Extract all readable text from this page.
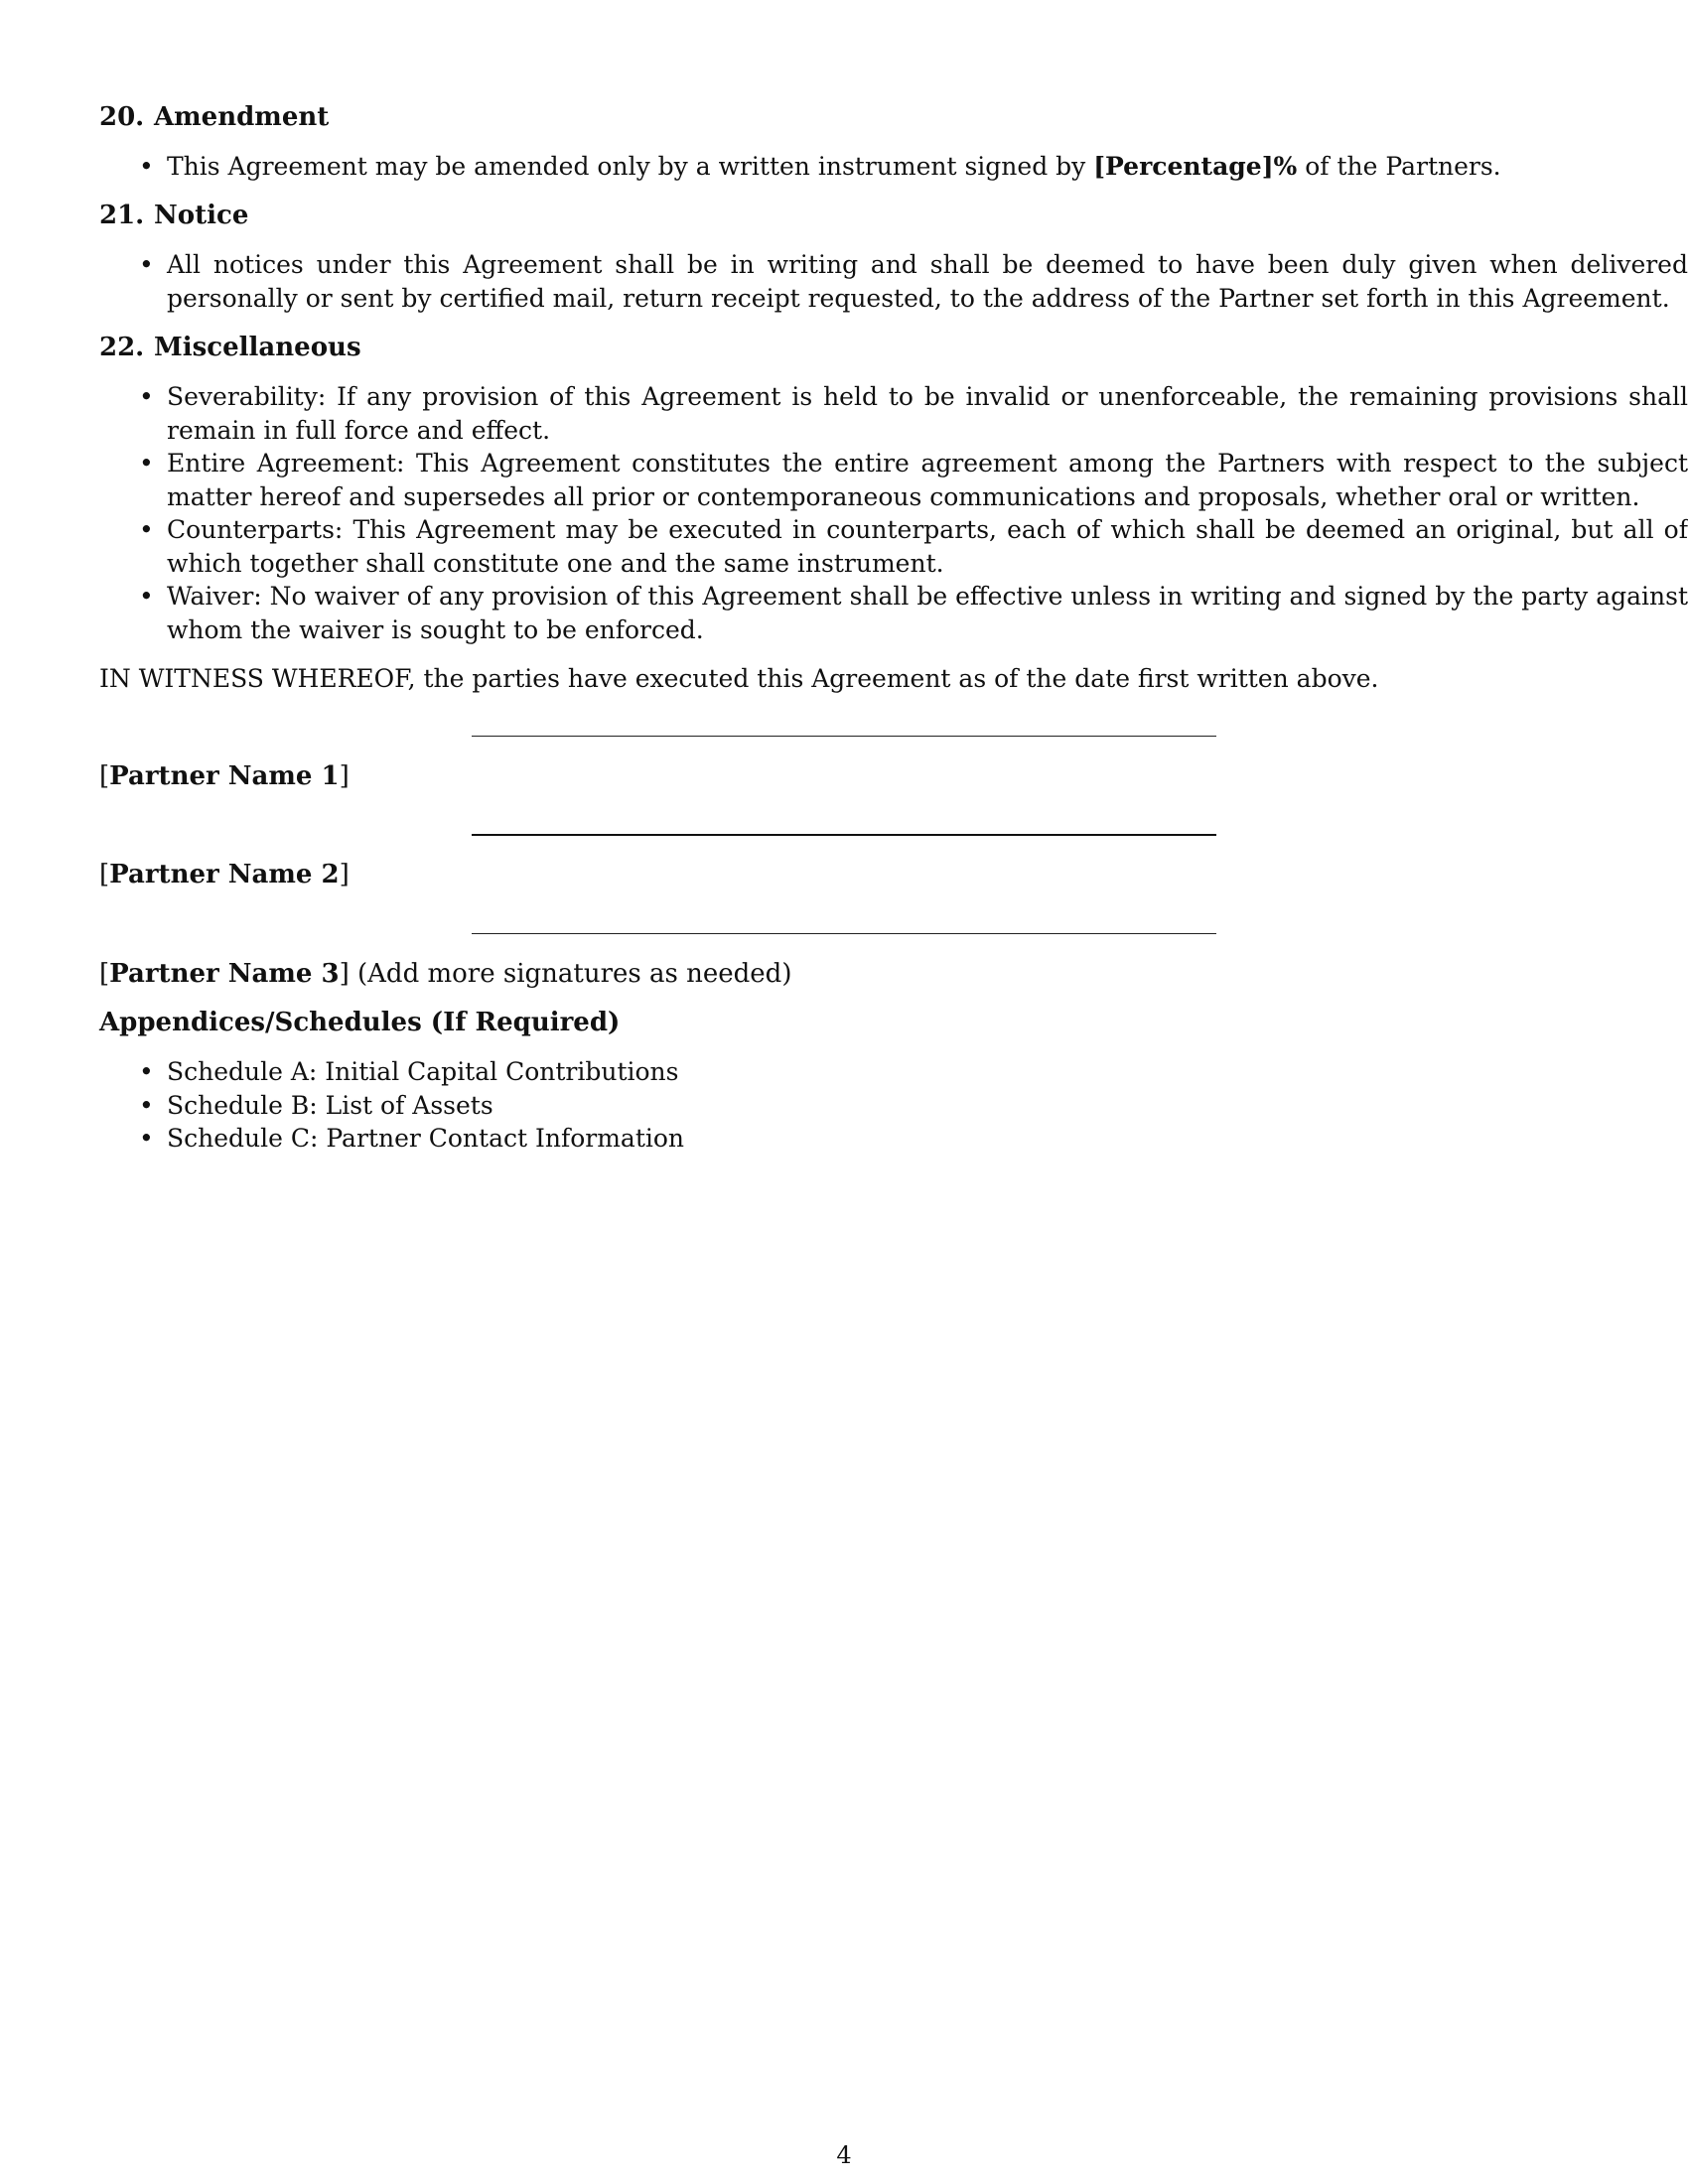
20. Amendment
• This Agreement may be amended only by a written instrument signed by [Percentage]% of the Partners.
21. Notice
• All notices under this Agreement shall be in writing and shall be deemed to have been duly given when delivered personally or sent by certified mail, return receipt requested, to the address of the Partner set forth in this Agreement.
22. Miscellaneous
• Severability: If any provision of this Agreement is held to be invalid or unenforceable, the remaining provisions shall remain in full force and effect.
• Entire Agreement: This Agreement constitutes the entire agreement among the Partners with respect to the subject matter hereof and supersedes all prior or contemporaneous communications and proposals, whether oral or written.
• Counterparts: This Agreement may be executed in counterparts, each of which shall be deemed an original, but all of which together shall constitute one and the same instrument.
• Waiver: No waiver of any provision of this Agreement shall be effective unless in writing and signed by the party against whom the waiver is sought to be enforced.
IN WITNESS WHEREOF, the parties have executed this Agreement as of the date first written above.
[Partner Name 1]
[Partner Name 2]
[Partner Name 3] (Add more signatures as needed)
Appendices/Schedules (If Required)
• Schedule A: Initial Capital Contributions
• Schedule B: List of Assets
• Schedule C: Partner Contact Information
4
